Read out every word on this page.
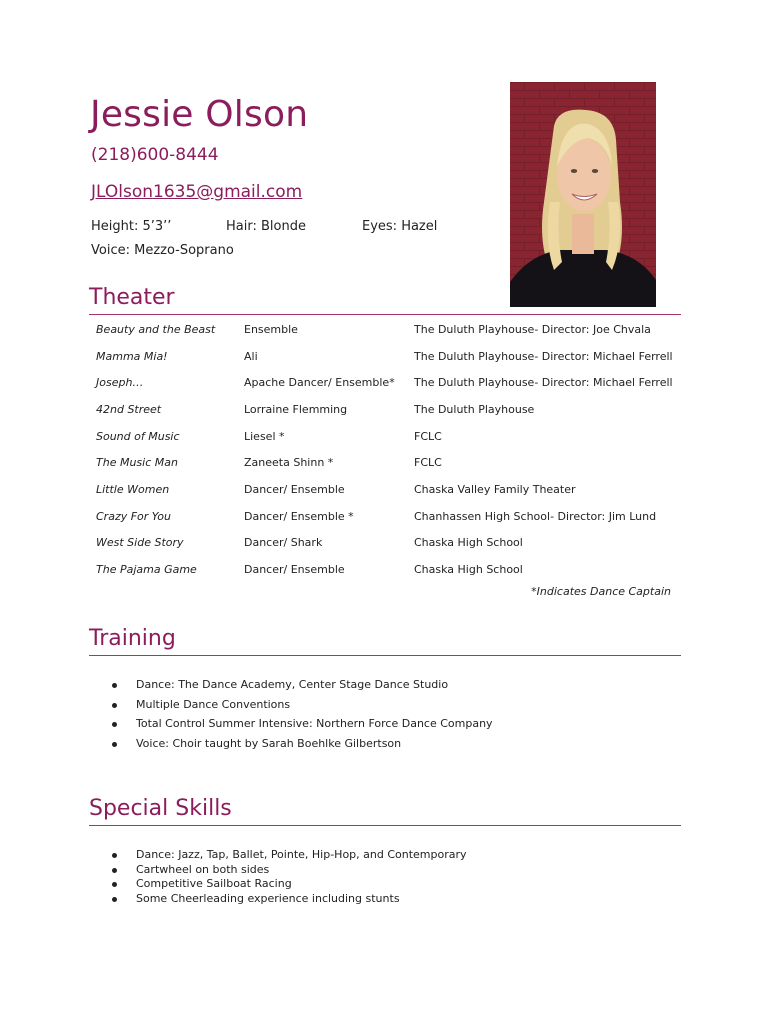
Jessie Olson
(218)600-8444
JLOlson1635@gmail.com
Height: 5’3’’	Hair: Blonde	Eyes: Hazel
Voice: Mezzo-Soprano
Theater
Beauty and the Beast	Ensemble	The Duluth Playhouse- Director: Joe Chvala
Mamma Mia!	Ali	The Duluth Playhouse- Director: Michael Ferrell
Joseph…	Apache Dancer/ Ensemble*	The Duluth Playhouse- Director: Michael Ferrell
42nd Street	Lorraine Flemming	The Duluth Playhouse
Sound of Music	Liesel *	FCLC
The Music Man	Zaneeta Shinn *	FCLC
Little Women	Dancer/ Ensemble	Chaska Valley Family Theater
Crazy For You	Dancer/ Ensemble *	Chanhassen High School- Director: Jim Lund
West Side Story	Dancer/ Shark	Chaska High School
The Pajama Game	Dancer/ Ensemble	Chaska High School
*Indicates Dance Captain
Training
Dance: The Dance Academy, Center Stage Dance Studio
Multiple Dance Conventions
Total Control Summer Intensive: Northern Force Dance Company
Voice: Choir taught by Sarah Boehlke Gilbertson
Special Skills
Dance: Jazz, Tap, Ballet, Pointe, Hip-Hop, and Contemporary
Cartwheel on both sides
Competitive Sailboat Racing
Some Cheerleading experience including stunts
